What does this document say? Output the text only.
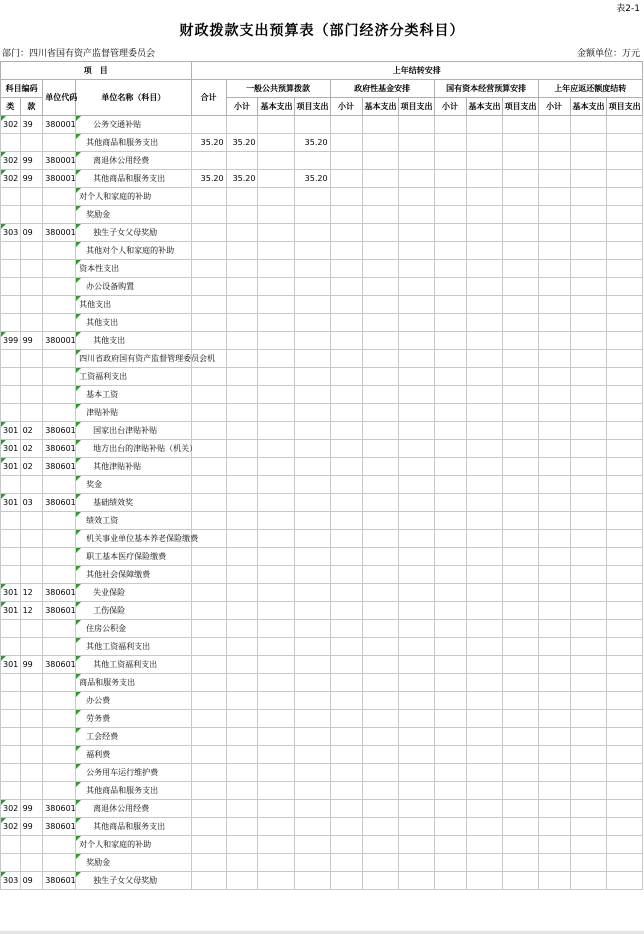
表2-1
财政拨款支出预算表（部门经济分类科目）
部门：四川省国有资产监督管理委员会	金额单位：万元
项　目				上年结转安排												
科目编码		单位代码	单位名称（科目）	合计	一般公共预算拨款			政府性基金安排			国有资本经营预算安排			上年应返还额度结转		
类	款															
					小计	基本支出	项目支出	小计	基本支出	项目支出	小计	基本支出	项目支出	小计	基本支出	项目支出
302	39	380001	公务交通补贴													
			其他商品和服务支出	35.20	35.20		35.20									
302	99	380001	离退休公用经费													
302	99	380001	其他商品和服务支出	35.20	35.20		35.20									
			对个人和家庭的补助													
			奖励金													
303	09	380001	独生子女父母奖励													
			其他对个人和家庭的补助													
			资本性支出													
			办公设备购置													
			其他支出													
			其他支出													
399	99	380001	其他支出													
			四川省政府国有资产监督管理委员会机													
			工资福利支出													
			基本工资													
			津贴补贴													
301	02	380601	国家出台津贴补贴													
301	02	380601	地方出台的津贴补贴（机关）													
301	02	380601	其他津贴补贴													
			奖金													
301	03	380601	基础绩效奖													
			绩效工资													
			机关事业单位基本养老保险缴费													
			职工基本医疗保险缴费													
			其他社会保障缴费													
301	12	380601	失业保险													
301	12	380601	工伤保险													
			住房公积金													
			其他工资福利支出													
301	99	380601	其他工资福利支出													
			商品和服务支出													
			办公费													
			劳务费													
			工会经费													
			福利费													
			公务用车运行维护费													
			其他商品和服务支出													
302	99	380601	离退休公用经费													
302	99	380601	其他商品和服务支出													
			对个人和家庭的补助													
			奖励金													
303	09	380601	独生子女父母奖励													
